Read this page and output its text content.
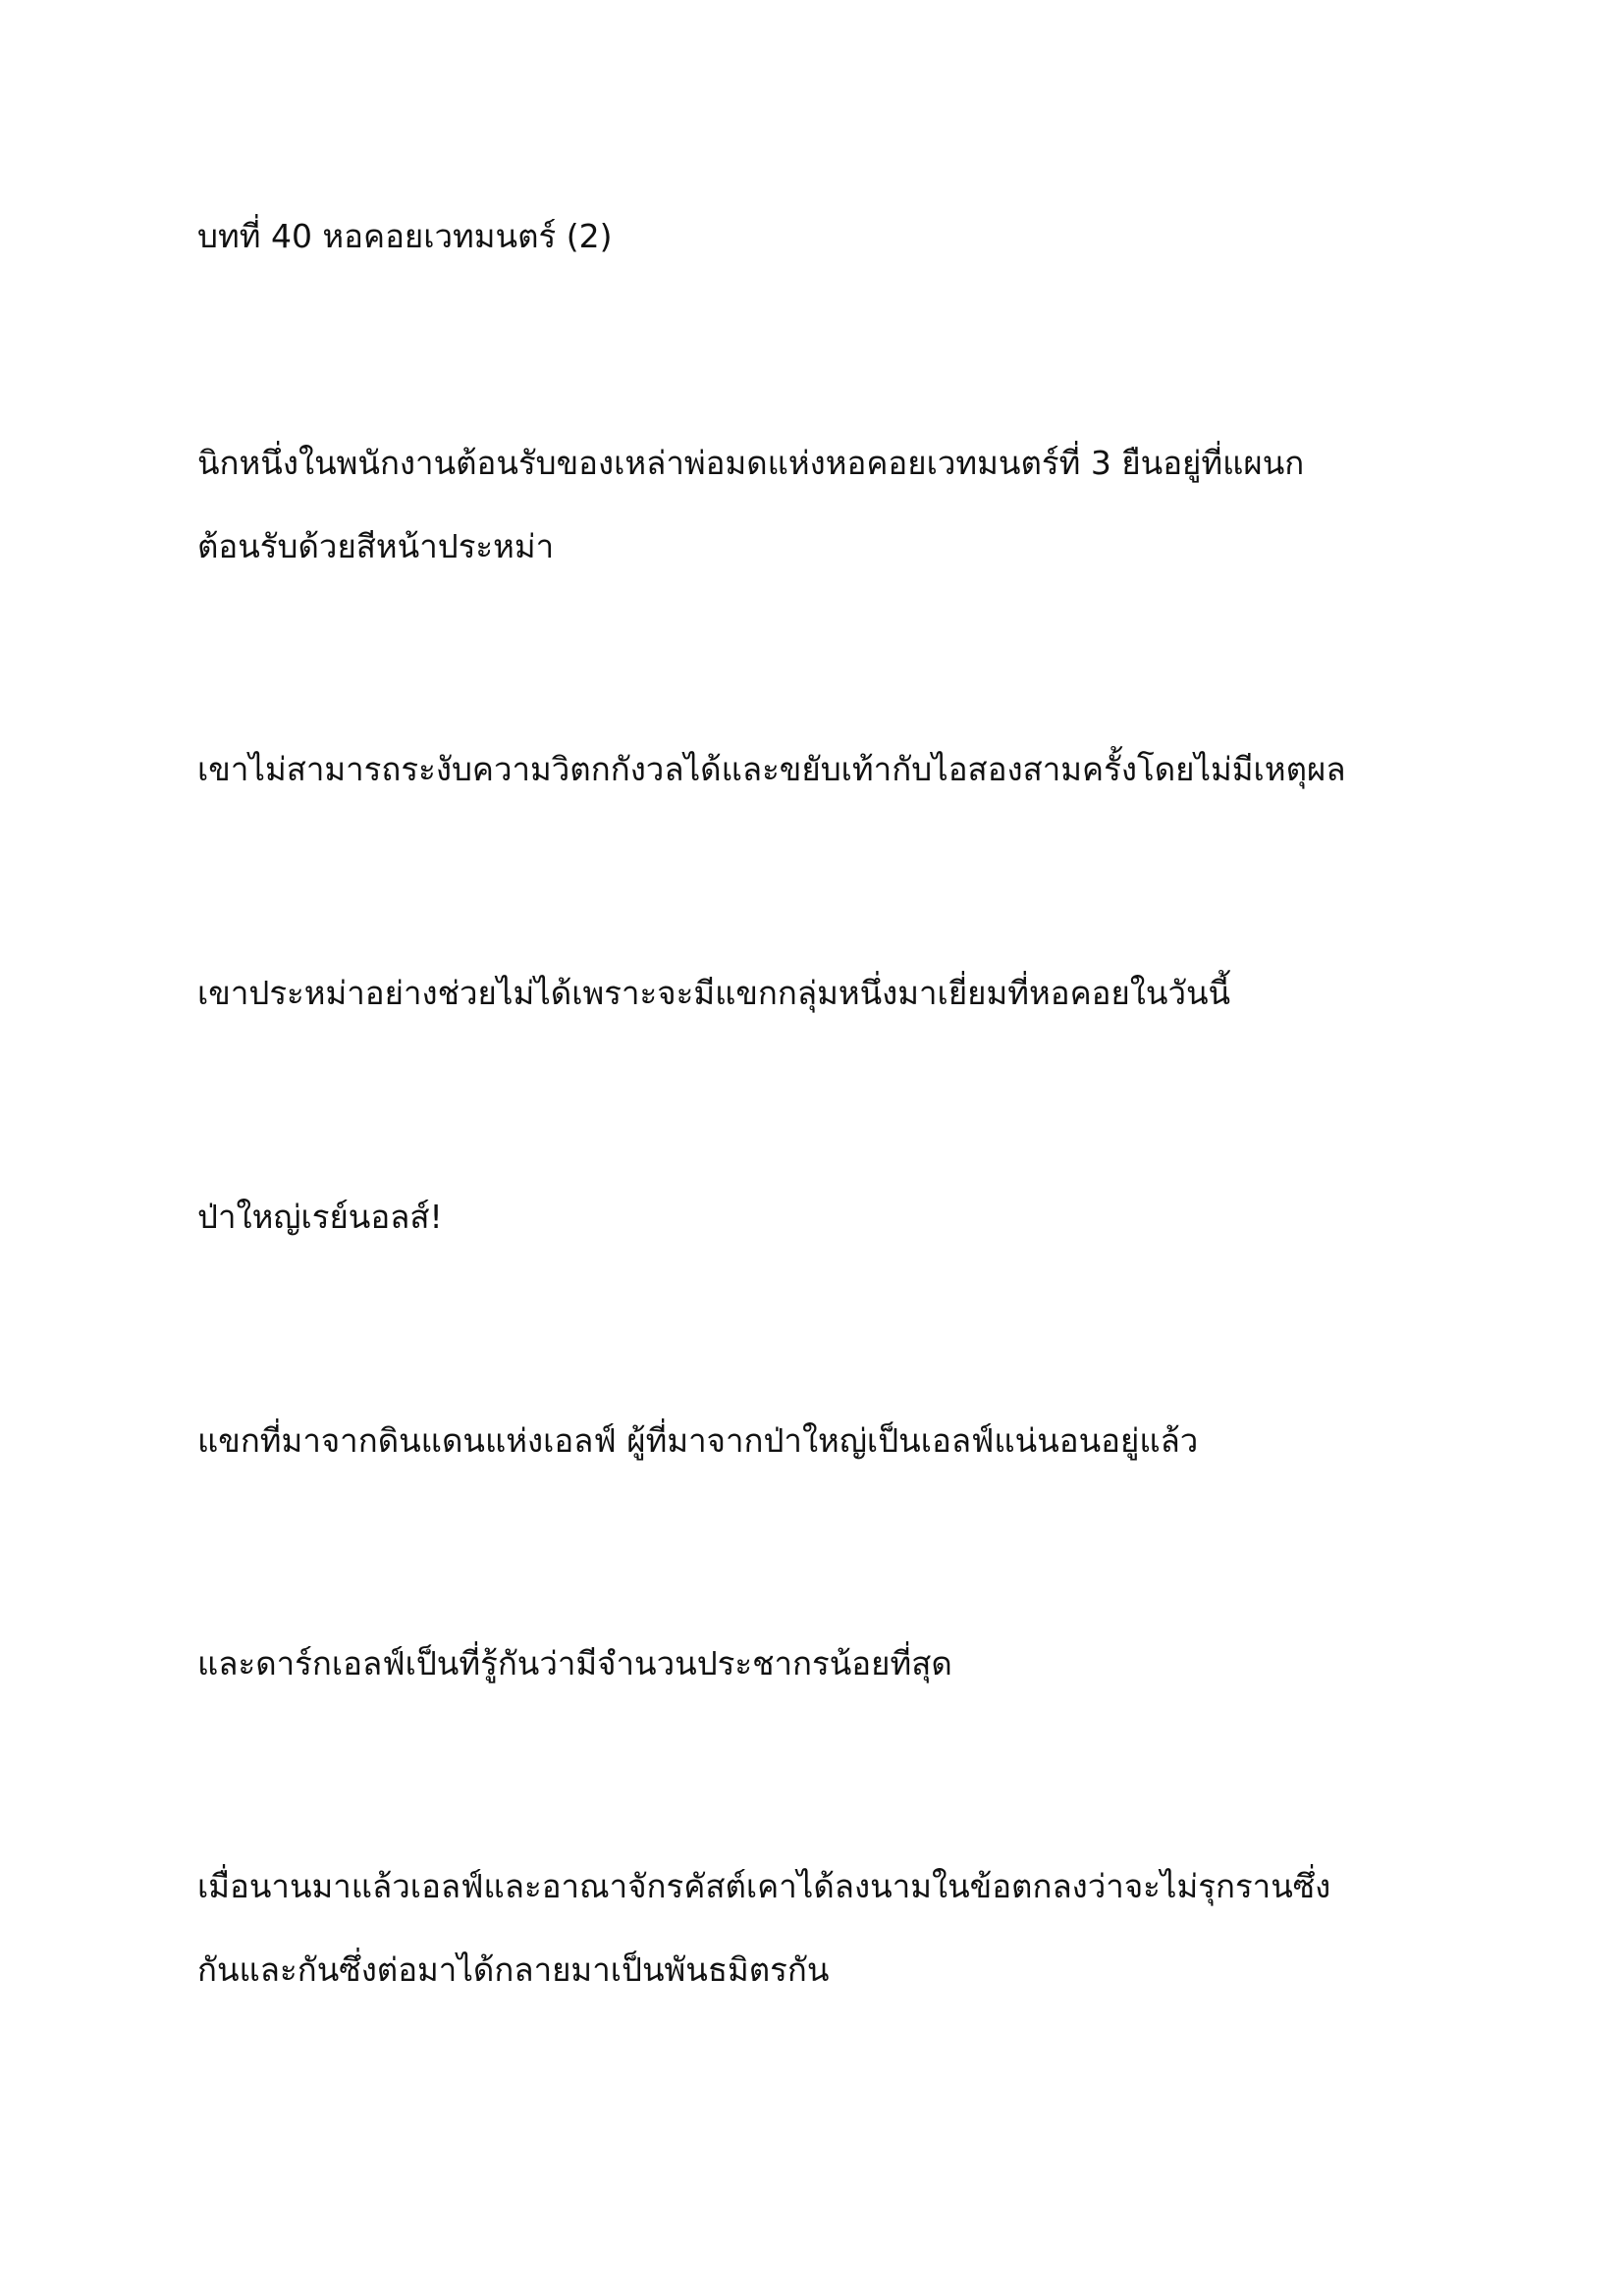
บทที่ 40 หอคอยเวทมนตร์ (2)
นิกหนึ่งในพนักงานต้อนรับของเหล่าพ่อมดแห่งหอคอยเวทมนตร์ที่ 3 ยืนอยู่ที่แผนก
ต้อนรับด้วยสีหน้าประหม่า
เขาไม่สามารถระงับความวิตกกังวลได้และขยับเท้ากับไอสองสามครั้งโดยไม่มีเหตุผล
เขาประหม่าอย่างช่วยไม่ได้เพราะจะมีแขกกลุ่มหนึ่งมาเยี่ยมที่หอคอยในวันนี้
ป่าใหญ่เรย์นอลส์!
แขกที่มาจากดินแดนแห่งเอลฟ์ ผู้ที่มาจากป่าใหญ่เป็นเอลฟ์แน่นอนอยู่แล้ว
และดาร์กเอลฟ์เป็นที่รู้กันว่ามีจำนวนประชากรน้อยที่สุด
เมื่อนานมาแล้วเอลฟ์และอาณาจักรคัสต์เคาได้ลงนามในข้อตกลงว่าจะไม่รุกรานซึ่ง
กันและกันซึ่งต่อมาได้กลายมาเป็นพันธมิตรกัน
